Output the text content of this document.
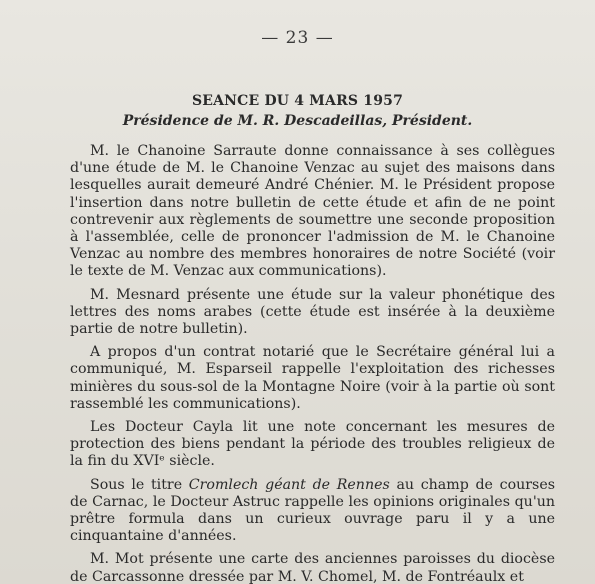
— 23 —
SEANCE DU 4 MARS 1957
Présidence de M. R. Descadeillas, Président.

M. le Chanoine Sarraute donne connaissance à ses collègues d'une étude de M. le Chanoine Venzac au sujet des maisons dans lesquelles aurait demeuré André Chénier. M. le Président propose l'insertion dans notre bulletin de cette étude et afin de ne point contrevenir aux règlements de soumettre une seconde proposition à l'assemblée, celle de prononcer l'admission de M. le Chanoine Venzac au nombre des membres honoraires de notre Société (voir le texte de M. Venzac aux communications).

M. Mesnard présente une étude sur la valeur phonétique des lettres des noms arabes (cette étude est insérée à la deuxième partie de notre bulletin).

A propos d'un contrat notarié que le Secrétaire général lui a communiqué, M. Esparseil rappelle l'exploitation des richesses minières du sous-sol de la Montagne Noire (voir à la partie où sont rassemblé les communications).

Les Docteur Cayla lit une note concernant les mesures de protection des biens pendant la période des troubles religieux de la fin du XVIᵉ siècle.

Sous le titre Cromlech géant de Rennes au champ de courses de Carnac, le Docteur Astruc rappelle les opinions originales qu'un prêtre formula dans un curieux ouvrage paru il y a une cinquantaine d'années.

M. Mot présente une carte des anciennes paroisses du diocèse de Carcassonne dressée par M. V. Chomel, M. de Fontréaulx et
